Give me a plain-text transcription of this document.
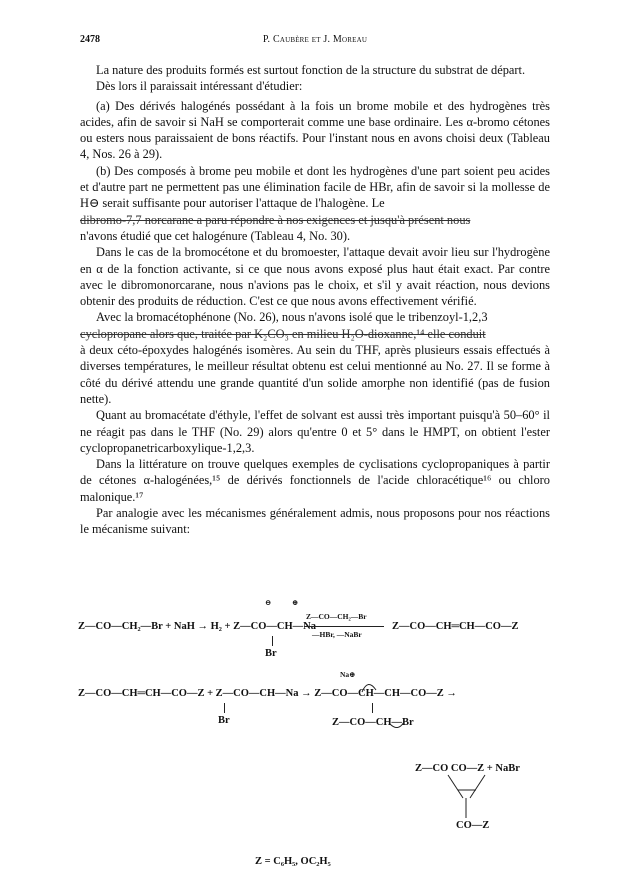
2478	P. Caubère et J. Moreau

La nature des produits formés est surtout fonction de la structure du substrat de départ.

Dès lors il paraissait intéressant d'étudier:

(a) Des dérivés halogénés possédant à la fois un brome mobile et des hydrogènes très acides, afin de savoir si NaH se comporterait comme une base ordinaire. Les α-bromo cétones ou esters nous paraissaient de bons réactifs. Pour l'instant nous en avons choisi deux (Tableau 4, Nos. 26 à 29).

(b) Des composés à brome peu mobile et dont les hydrogènes d'une part soient peu acides et d'autre part ne permettent pas une élimination facile de HBr, afin de savoir si la mollesse de H⊖ serait suffisante pour autoriser l'attaque de l'halogène. Le

dibromo-7,7 norcarane a paru répondre à nos exigences et jusqu'à présent nous

n'avons étudié que cet halogénure (Tableau 4, No. 30).

Dans le cas de la bromocétone et du bromoester, l'attaque devait avoir lieu sur l'hydrogène en α de la fonction activante, si ce que nous avons exposé plus haut était exact. Par contre avec le dibromonorcarane, nous n'avions pas le choix, et s'il y avait réaction, nous devions obtenir des produits de réduction. C'est ce que nous avons effectivement vérifié.

Avec la bromacétophénone (No. 26), nous n'avons isolé que le tribenzoyl-1,2,3

cyclopropane alors que, traitée par K₂CO₃ en milieu H₂O-dioxanne,¹⁴ elle conduit

à deux céto-époxydes halogénés isomères. Au sein du THF, après plusieurs essais effectués à diverses températures, le meilleur résultat obtenu est celui mentionné au No. 27. Il se forme à côté du dérivé attendu une grande quantité d'un solide amorphe non identifié (pas de fusion nette).

Quant au bromacétate d'éthyle, l'effet de solvant est aussi très important puisqu'à 50–60° il ne réagit pas dans le THF (No. 29) alors qu'entre 0 et 5° dans le HMPT, on obtient l'ester cyclopropanetricarboxylique-1,2,3.

Dans la littérature on trouve quelques exemples de cyclisations cyclopropaniques à partir de cétones α-halogénées,¹⁵ de dérivés fonctionnels de l'acide chloracétique¹⁶ ou chloro malonique.¹⁷

Par analogie avec les mécanismes généralement admis, nous proposons pour nos réactions le mécanisme suivant:

⊖	⊕
Z—CO—CH₂—Br + NaH → H₂ + Z—CO—CH—Na
Z—CO—CH₂—Br
—HBr, —NaBr
Z—CO—CH═CH—CO—Z
Br
Na⊕
Z—CO—CH═CH—CO—Z + Z—CO—CH—Na → Z—CO—CH—CH—CO—Z →
Br	Z—CO—CH—Br
Z—CO CO—Z + NaBr
CO—Z
Z = C₆H₅, OC₂H₅
